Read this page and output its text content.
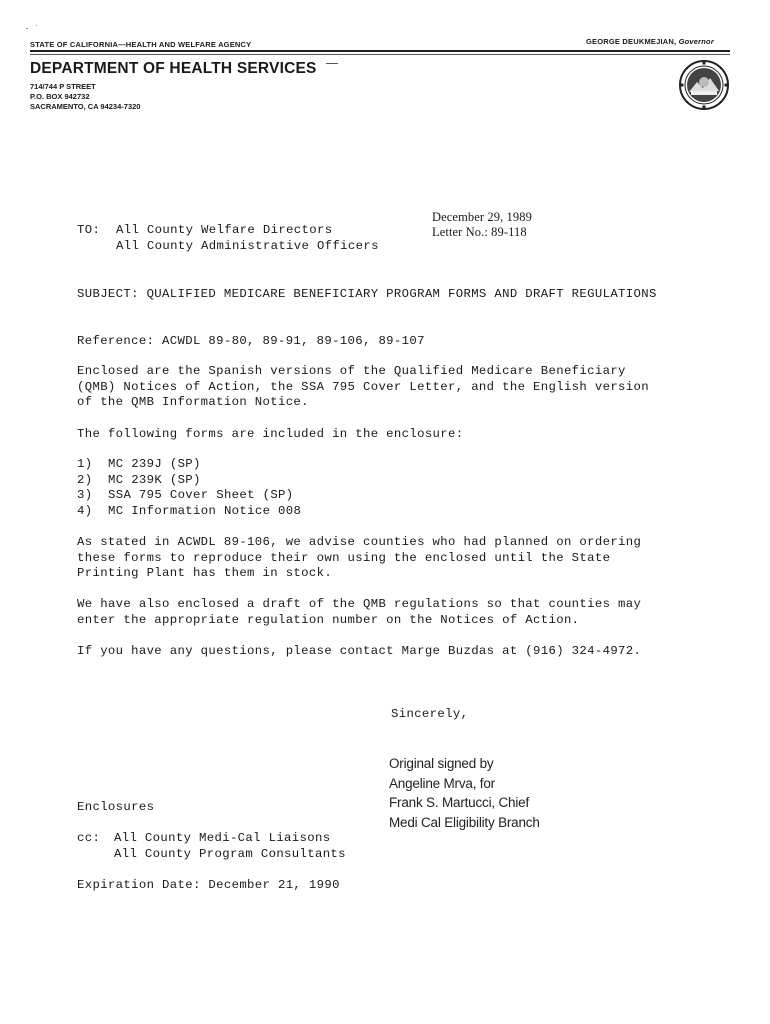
STATE OF CALIFORNIA—HEALTH AND WELFARE AGENCY	GEORGE DEUKMEJIAN, Governor
DEPARTMENT OF HEALTH SERVICES
714/744 P STREET
P.O. BOX 942732
SACRAMENTO, CA 94234-7320
December 29, 1989
Letter No.: 89-118
TO: All County Welfare Directors
All County Administrative Officers
SUBJECT: QUALIFIED MEDICARE BENEFICIARY PROGRAM FORMS AND DRAFT REGULATIONS
Reference: ACWDL 89-80, 89-91, 89-106, 89-107
Enclosed are the Spanish versions of the Qualified Medicare Beneficiary
(QMB) Notices of Action, the SSA 795 Cover Letter, and the English version
of the QMB Information Notice.
The following forms are included in the enclosure:
1)	MC 239J (SP)
2)	MC 239K (SP)
3)	SSA 795 Cover Sheet (SP)
4)	MC Information Notice 008
As stated in ACWDL 89-106, we advise counties who had planned on ordering
these forms to reproduce their own using the enclosed until the State
Printing Plant has them in stock.
We have also enclosed a draft of the QMB regulations so that counties may
enter the appropriate regulation number on the Notices of Action.
If you have any questions, please contact Marge Buzdas at (916) 324-4972.
Sincerely,
Original signed by
Angeline Mrva, for
Frank S. Martucci, Chief
Medi Cal Eligibility Branch
Enclosures
cc: All County Medi-Cal Liaisons
All County Program Consultants
Expiration Date: December 21, 1990
